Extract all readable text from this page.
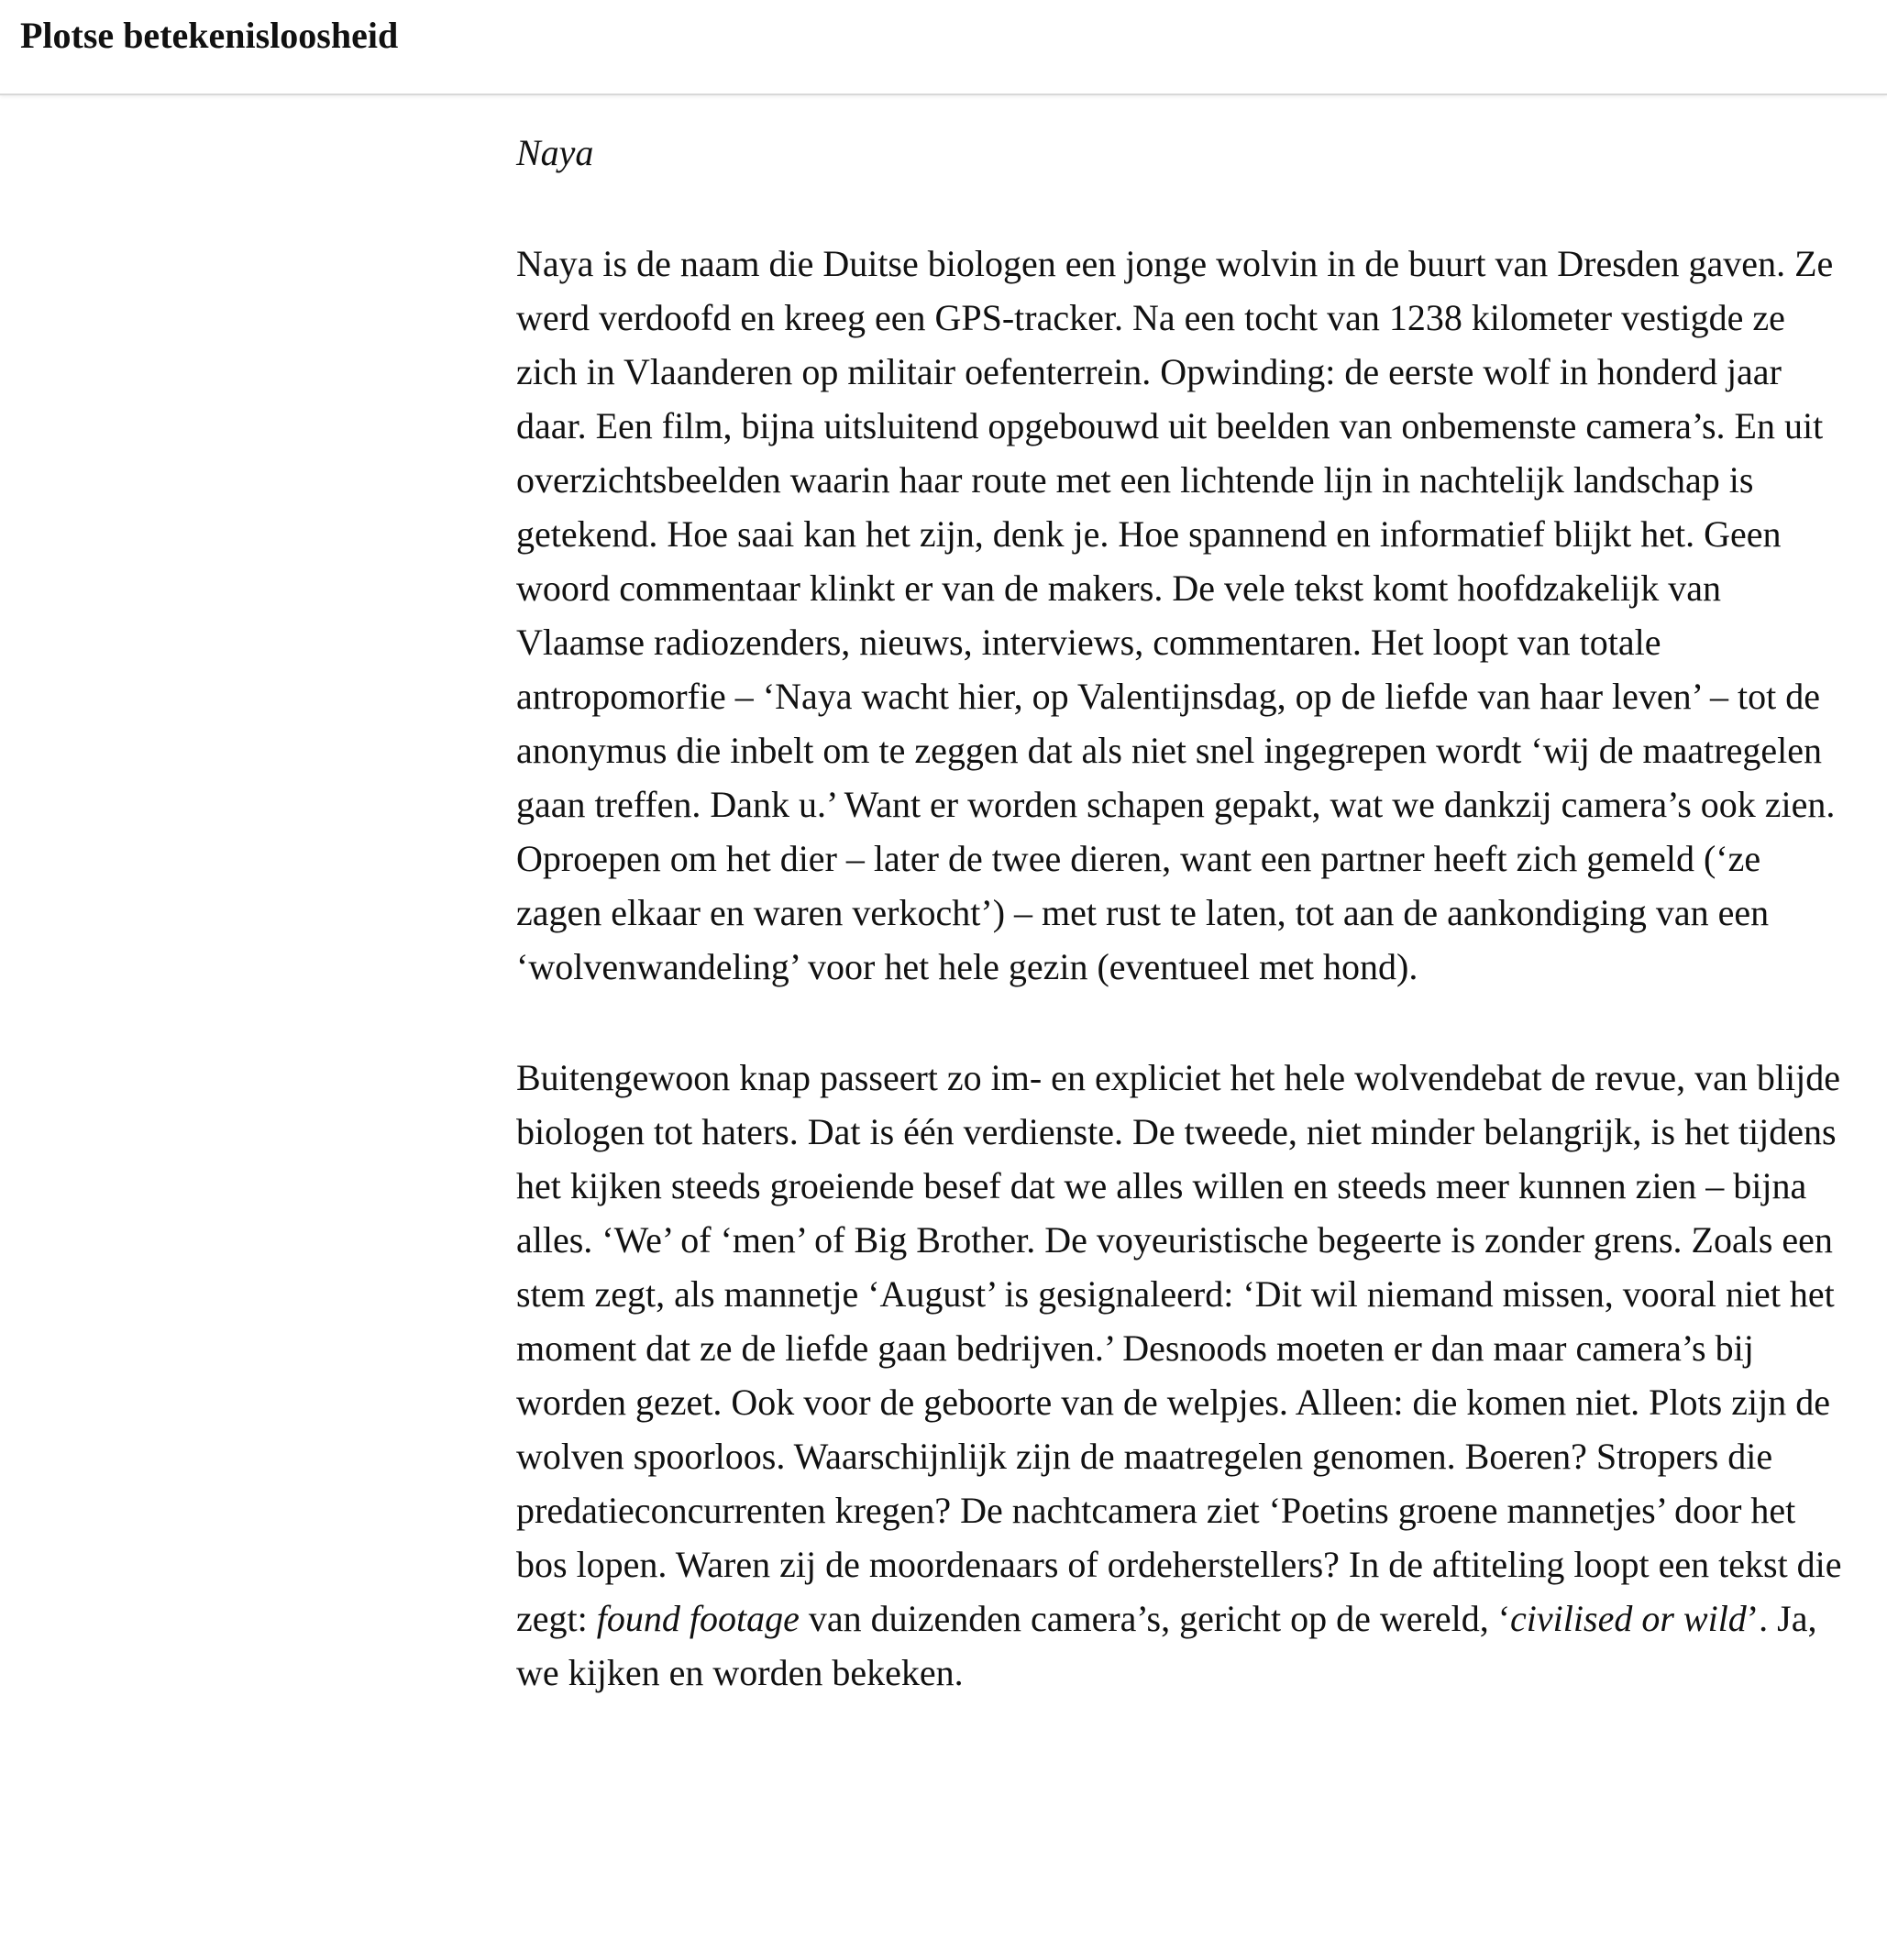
Plotse betekenisloosheid
Naya

Naya is de naam die Duitse biologen een jonge wolvin in de buurt van Dresden gaven. Ze werd verdoofd en kreeg een GPS-tracker. Na een tocht van 1238 kilometer vestigde ze zich in Vlaanderen op militair oefenterrein. Opwinding: de eerste wolf in honderd jaar daar. Een film, bijna uitsluitend opgebouwd uit beelden van onbemenste camera’s. En uit overzichtsbeelden waarin haar route met een lichtende lijn in nachtelijk landschap is getekend. Hoe saai kan het zijn, denk je. Hoe spannend en informatief blijkt het. Geen woord commentaar klinkt er van de makers. De vele tekst komt hoofdzakelijk van Vlaamse radiozenders, nieuws, interviews, commentaren. Het loopt van totale antropomorfie – ‘Naya wacht hier, op Valentijnsdag, op de liefde van haar leven’ – tot de anonymus die inbelt om te zeggen dat als niet snel ingegrepen wordt ‘wij de maatregelen gaan treffen. Dank u.’ Want er worden schapen gepakt, wat we dankzij camera’s ook zien. Oproepen om het dier – later de twee dieren, want een partner heeft zich gemeld (‘ze zagen elkaar en waren verkocht’) – met rust te laten, tot aan de aankondiging van een ‘wolvenwandeling’ voor het hele gezin (eventueel met hond).

Buitengewoon knap passeert zo im- en expliciet het hele wolvendebat de revue, van blijde biologen tot haters. Dat is één verdienste. De tweede, niet minder belangrijk, is het tijdens het kijken steeds groeiende besef dat we alles willen en steeds meer kunnen zien – bijna alles. ‘We’ of ‘men’ of Big Brother. De voyeuristische begeerte is zonder grens. Zoals een stem zegt, als mannetje ‘August’ is gesignaleerd: ‘Dit wil niemand missen, vooral niet het moment dat ze de liefde gaan bedrijven.’ Desnoods moeten er dan maar camera’s bij worden gezet. Ook voor de geboorte van de welpjes. Alleen: die komen niet. Plots zijn de wolven spoorloos. Waarschijnlijk zijn de maatregelen genomen. Boeren? Stropers die predatieconcurrenten kregen? De nachtcamera ziet ‘Poetins groene mannetjes’ door het bos lopen. Waren zij de moordenaars of ordeherstellers? In de aftiteling loopt een tekst die zegt: found footage van duizenden camera’s, gericht op de wereld, ‘civilised or wild’. Ja, we kijken en worden bekeken.
